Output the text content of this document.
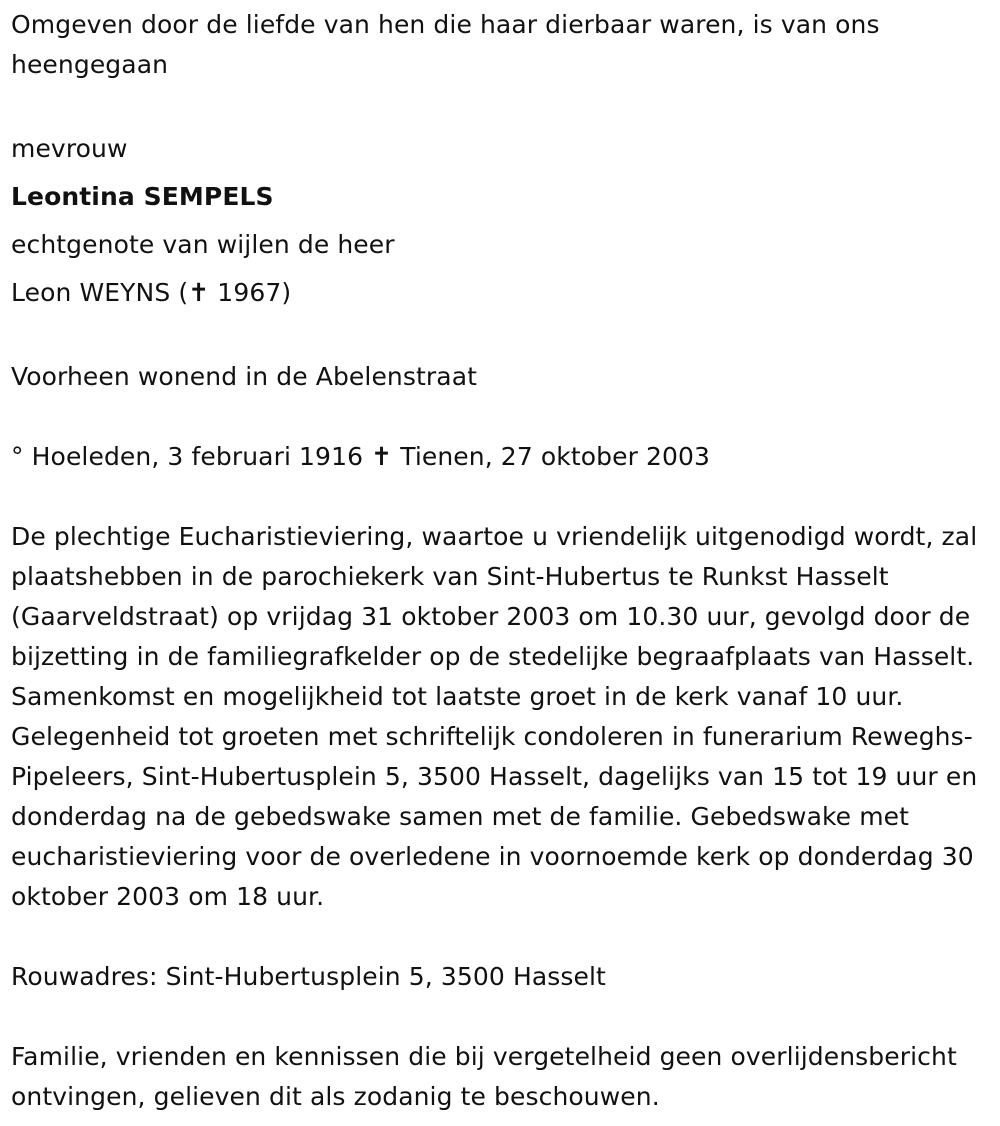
Omgeven door de liefde van hen die haar dierbaar waren, is van ons heengegaan

mevrouw

Leontina SEMPELS

echtgenote van wijlen de heer

Leon WEYNS (✝ 1967)

Voorheen wonend in de Abelenstraat

° Hoeleden, 3 februari 1916 ✝ Tienen, 27 oktober 2003

De plechtige Eucharistieviering, waartoe u vriendelijk uitgenodigd wordt, zal plaatshebben in de parochiekerk van Sint-Hubertus te Runkst Hasselt (Gaarveldstraat) op vrijdag 31 oktober 2003 om 10.30 uur, gevolgd door de bijzetting in de familiegrafkelder op de stedelijke begraafplaats van Hasselt. Samenkomst en mogelijkheid tot laatste groet in de kerk vanaf 10 uur. Gelegenheid tot groeten met schriftelijk condoleren in funerarium Reweghs-Pipeleers, Sint-Hubertusplein 5, 3500 Hasselt, dagelijks van 15 tot 19 uur en donderdag na de gebedswake samen met de familie. Gebedswake met eucharistieviering voor de overledene in voornoemde kerk op donderdag 30 oktober 2003 om 18 uur.

Rouwadres: Sint-Hubertusplein 5, 3500 Hasselt

Familie, vrienden en kennissen die bij vergetelheid geen overlijdensbericht ontvingen, gelieven dit als zodanig te beschouwen.
